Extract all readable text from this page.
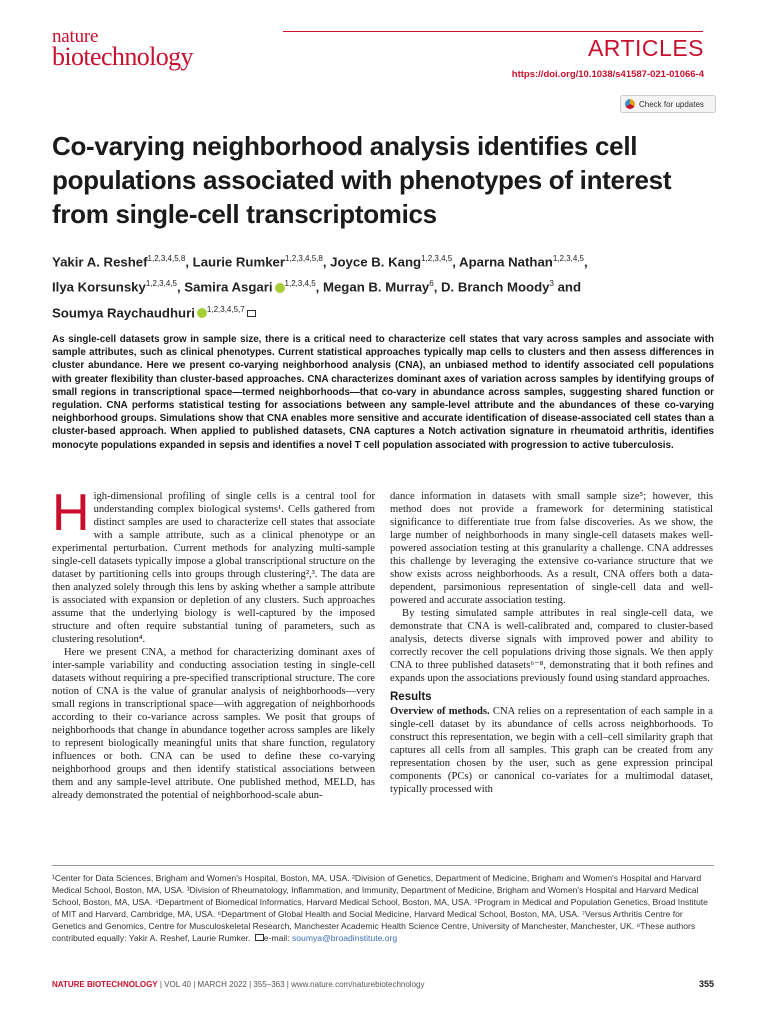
nature
biotechnology	ARTICLES
https://doi.org/10.1038/s41587-021-01066-4
Check for updates
Co-varying neighborhood analysis identifies cell populations associated with phenotypes of interest from single-cell transcriptomics
Yakir A. Reshef$^{1,2,3,4,5,8}$, Laurie Rumker$^{1,2,3,4,5,8}$, Joyce B. Kang$^{1,2,3,4,5}$, Aparna Nathan$^{1,2,3,4,5}$,
Ilya Korsunsky$^{1,2,3,4,5}$, Samira Asgari $^{1,2,3,4,5}$, Megan B. Murray$^6$, D. Branch Moody$^3$ and
Soumya Raychaudhuri $^{1,2,3,4,5,7}$

As single-cell datasets grow in sample size, there is a critical need to characterize cell states that vary across samples and associate with sample attributes, such as clinical phenotypes. Current statistical approaches typically map cells to clusters and then assess differences in cluster abundance. Here we present co-varying neighborhood analysis (CNA), an unbiased method to identify associated cell populations with greater flexibility than cluster-based approaches. CNA characterizes dominant axes of variation across samples by identifying groups of small regions in transcriptional space—termed neighborhoods—that co-vary in abundance across samples, suggesting shared function or regulation. CNA performs statistical testing for associations between any sample-level attribute and the abundances of these co-varying neighborhood groups. Simulations show that CNA enables more sensitive and accurate identification of disease-associated cell states than a cluster-based approach. When applied to published datasets, CNA captures a Notch activation signature in rheumatoid arthritis, identifies monocyte populations expanded in sepsis and identifies a novel T cell population associated with progression to active tuberculosis.

High-dimensional profiling of single cells is a central tool for understanding complex biological systems¹. Cells gathered from distinct samples are used to characterize cell states that associate with a sample attribute, such as a clinical phenotype or an experimental perturbation. Current methods for analyzing multi-sample single-cell datasets typically impose a global transcriptional structure on the dataset by partitioning cells into groups through clustering²,³. The data are then analyzed solely through this lens by asking whether a sample attribute is associated with expansion or depletion of any clusters. Such approaches assume that the underlying biology is well-captured by the imposed structure and often require substantial tuning of parameters, such as clustering resolution⁴.

Here we present CNA, a method for characterizing dominant axes of inter-sample variability and conducting association testing in single-cell datasets without requiring a pre-specified transcriptional structure. The core notion of CNA is the value of granular analysis of neighborhoods—very small regions in transcriptional space—with aggregation of neighborhoods according to their co-variance across samples. We posit that groups of neighborhoods that change in abundance together across samples are likely to represent biologically meaningful units that share function, regulatory influences or both. CNA can be used to define these co-varying neighborhood groups and then identify statistical associations between them and any sample-level attribute. One published method, MELD, has already demonstrated the potential of neighborhood-scale abun-

dance information in datasets with small sample size⁵; however, this method does not provide a framework for determining statistical significance to differentiate true from false discoveries. As we show, the large number of neighborhoods in many single-cell datasets makes well-powered association testing at this granularity a challenge. CNA addresses this challenge by leveraging the extensive co-variance structure that we show exists across neighborhoods. As a result, CNA offers both a data-dependent, parsimonious representation of single-cell data and well-powered and accurate association testing.

By testing simulated sample attributes in real single-cell data, we demonstrate that CNA is well-calibrated and, compared to cluster-based analysis, detects diverse signals with improved power and ability to correctly recover the cell populations driving those signals. We then apply CNA to three published datasets⁶⁻⁸, demonstrating that it both refines and expands upon the associations previously found using standard approaches.

Results

Overview of methods. CNA relies on a representation of each sample in a single-cell dataset by its abundance of cells across neighborhoods. To construct this representation, we begin with a cell–cell similarity graph that captures all cells from all samples. This graph can be created from any representation chosen by the user, such as gene expression principal components (PCs) or canonical co-variates for a multimodal dataset, typically processed with

¹Center for Data Sciences, Brigham and Women's Hospital, Boston, MA, USA. ²Division of Genetics, Department of Medicine, Brigham and Women's Hospital and Harvard Medical School, Boston, MA, USA. ³Division of Rheumatology, Inflammation, and Immunity, Department of Medicine, Brigham and Women's Hospital and Harvard Medical School, Boston, MA, USA. ⁴Department of Biomedical Informatics, Harvard Medical School, Boston, MA, USA. ⁵Program in Medical and Population Genetics, Broad Institute of MIT and Harvard, Cambridge, MA, USA. ⁶Department of Global Health and Social Medicine, Harvard Medical School, Boston, MA, USA. ⁷Versus Arthritis Centre for Genetics and Genomics, Centre for Musculoskeletal Research, Manchester Academic Health Science Centre, University of Manchester, Manchester, UK. ⁸These authors contributed equally: Yakir A. Reshef, Laurie Rumker. e-mail: soumya@broadinstitute.org
NATURE BIOTECHNOLOGY | VOL 40 | MARCH 2022 | 355–363 | www.nature.com/naturebiotechnology	355
